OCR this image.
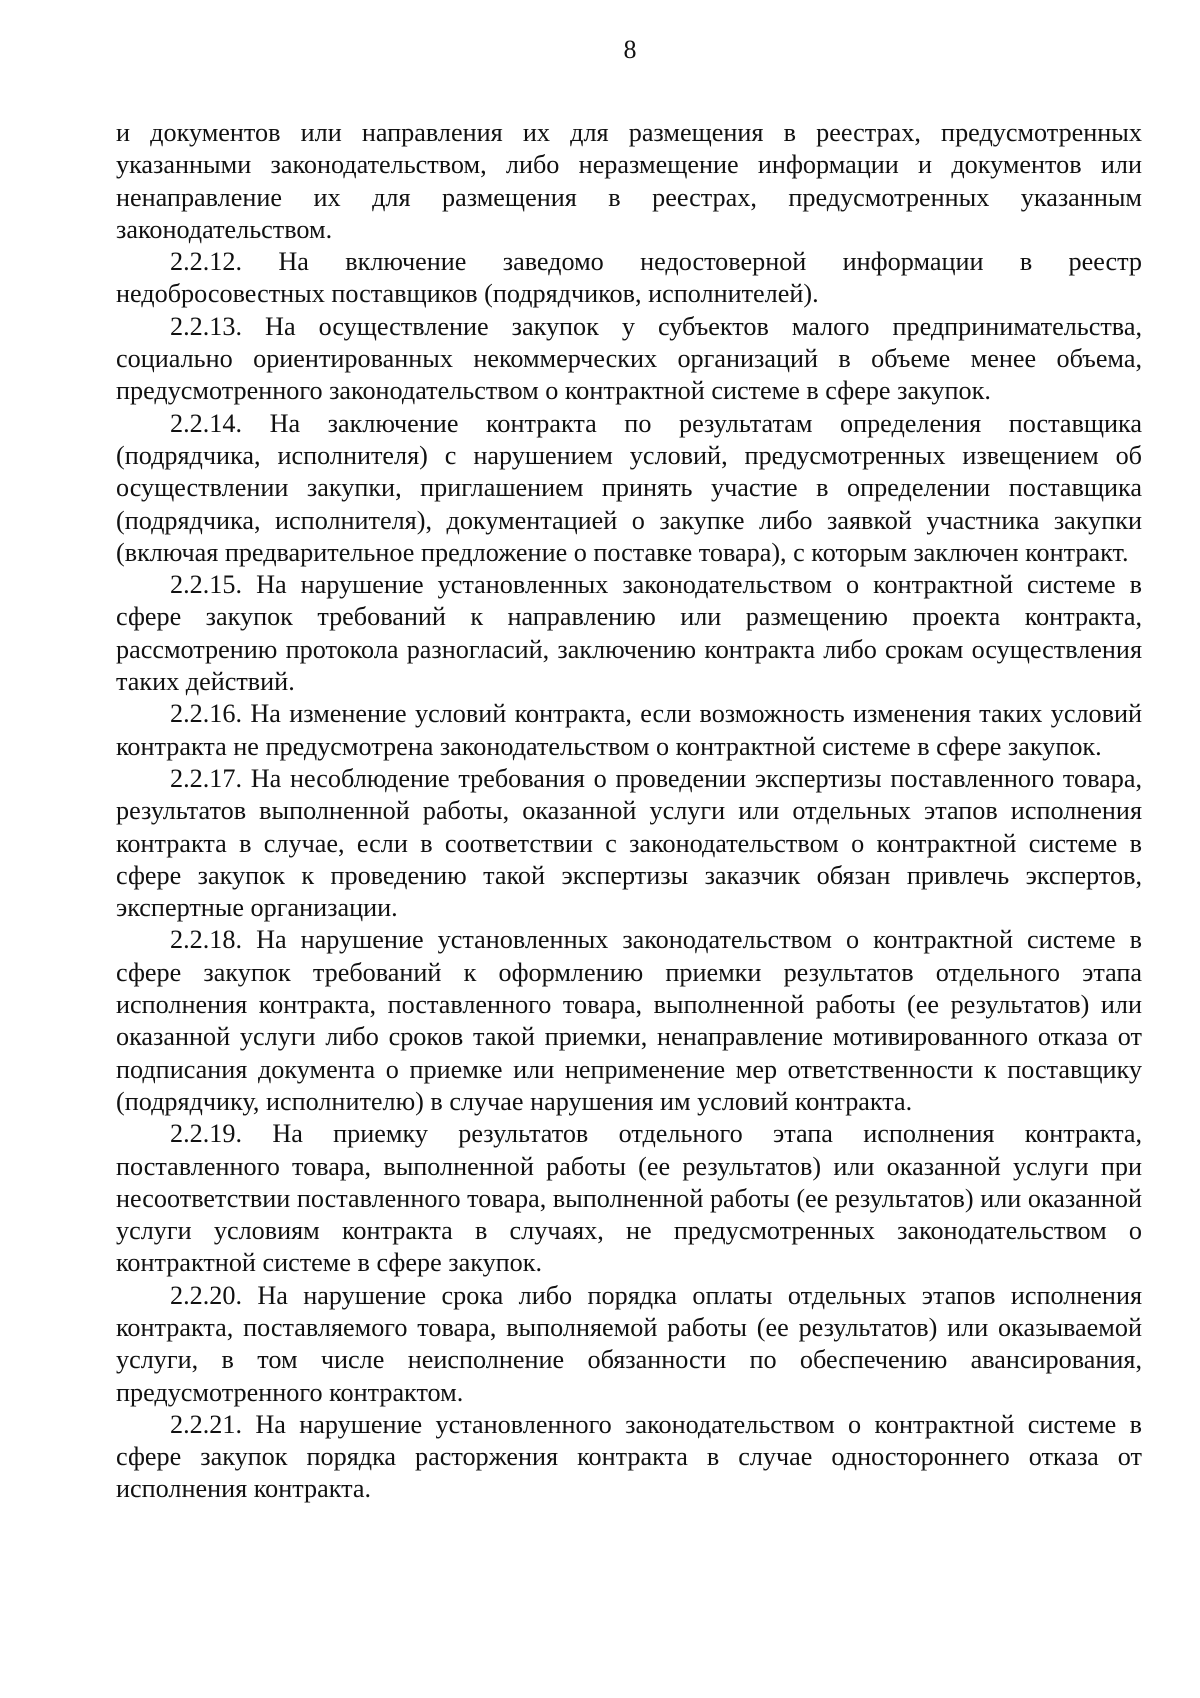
8

и документов или направления их для размещения в реестрах, предусмотренных указанными законодательством, либо неразмещение информации и документов или ненаправление их для размещения в реестрах, предусмотренных указанным законодательством.

2.2.12. На включение заведомо недостоверной информации в реестр недобросовестных поставщиков (подрядчиков, исполнителей).

2.2.13. На осуществление закупок у субъектов малого предпринимательства, социально ориентированных некоммерческих организаций в объеме менее объема, предусмотренного законодательством о контрактной системе в сфере закупок.

2.2.14. На заключение контракта по результатам определения поставщика (подрядчика, исполнителя) с нарушением условий, предусмотренных извещением об осуществлении закупки, приглашением принять участие в определении поставщика (подрядчика, исполнителя), документацией о закупке либо заявкой участника закупки (включая предварительное предложение о поставке товара), с которым заключен контракт.

2.2.15. На нарушение установленных законодательством о контрактной системе в сфере закупок требований к направлению или размещению проекта контракта, рассмотрению протокола разногласий, заключению контракта либо срокам осуществления таких действий.

2.2.16. На изменение условий контракта, если возможность изменения таких условий контракта не предусмотрена законодательством о контрактной системе в сфере закупок.

2.2.17. На несоблюдение требования о проведении экспертизы поставленного товара, результатов выполненной работы, оказанной услуги или отдельных этапов исполнения контракта в случае, если в соответствии с законодательством о контрактной системе в сфере закупок к проведению такой экспертизы заказчик обязан привлечь экспертов, экспертные организации.

2.2.18. На нарушение установленных законодательством о контрактной системе в сфере закупок требований к оформлению приемки результатов отдельного этапа исполнения контракта, поставленного товара, выполненной работы (ее результатов) или оказанной услуги либо сроков такой приемки, ненаправление мотивированного отказа от подписания документа о приемке или неприменение мер ответственности к поставщику (подрядчику, исполнителю) в случае нарушения им условий контракта.

2.2.19. На приемку результатов отдельного этапа исполнения контракта, поставленного товара, выполненной работы (ее результатов) или оказанной услуги при несоответствии поставленного товара, выполненной работы (ее результатов) или оказанной услуги условиям контракта в случаях, не предусмотренных законодательством о контрактной системе в сфере закупок.

2.2.20. На нарушение срока либо порядка оплаты отдельных этапов исполнения контракта, поставляемого товара, выполняемой работы (ее результатов) или оказываемой услуги, в том числе неисполнение обязанности по обеспечению авансирования, предусмотренного контрактом.

2.2.21. На нарушение установленного законодательством о контрактной системе в сфере закупок порядка расторжения контракта в случае одностороннего отказа от исполнения контракта.
